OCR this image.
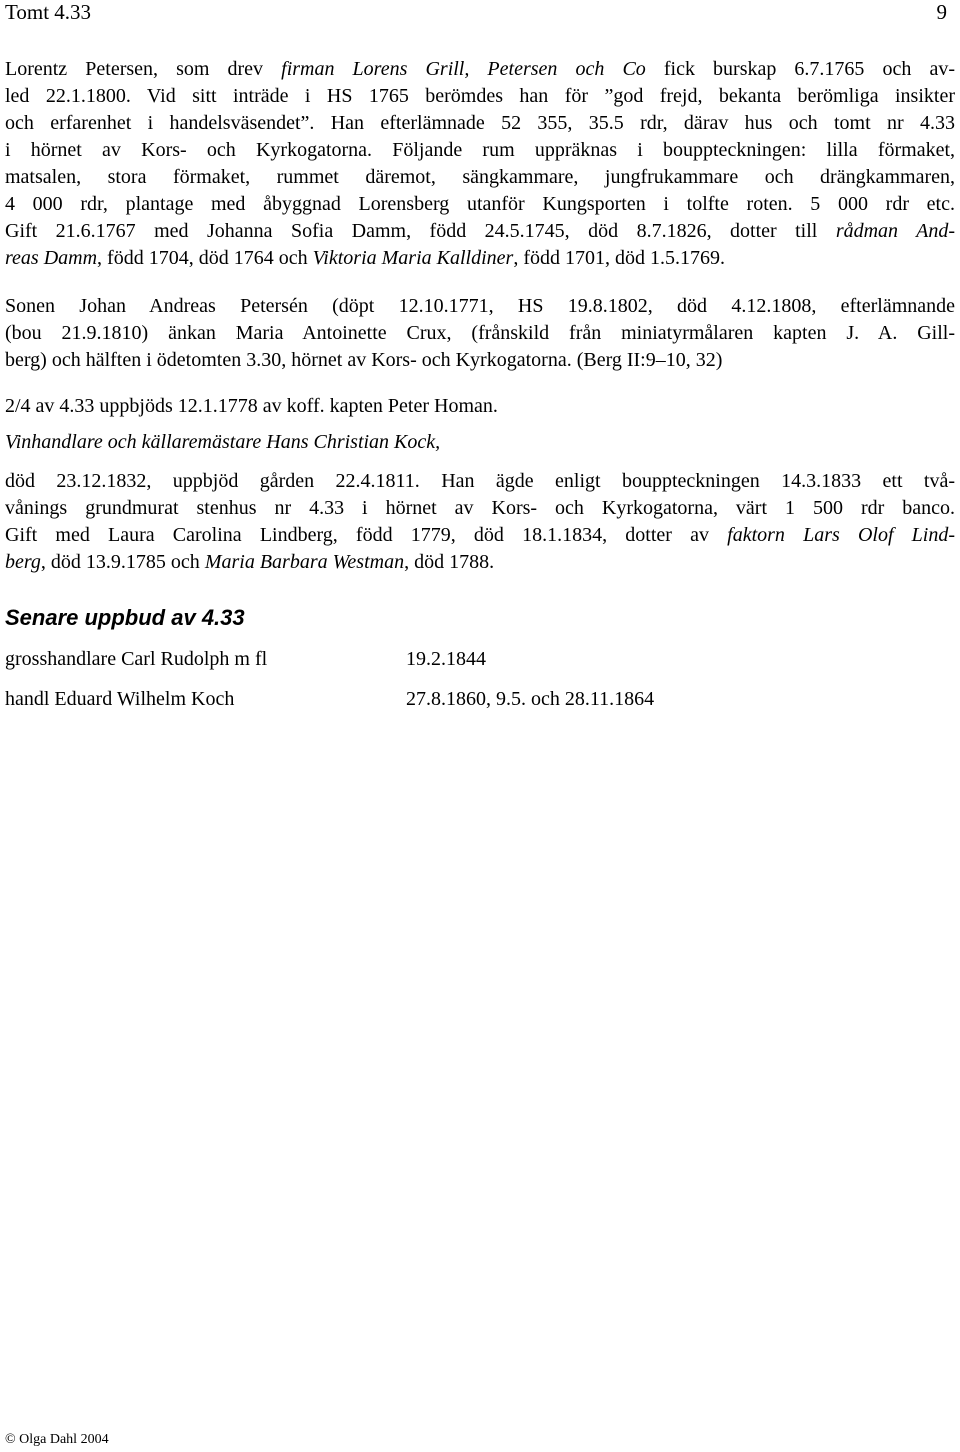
Tomt 4.33	9
Lorentz Petersen, som drev firman Lorens Grill, Petersen och Co fick burskap 6.7.1765 och av-
led 22.1.1800. Vid sitt inträde i HS 1765 berömdes han för ”god frejd, bekanta berömliga insikter
och erfarenhet i handelsväsendet”. Han efterlämnade 52 355, 35.5 rdr, därav hus och tomt nr 4.33
i hörnet av Kors- och Kyrkogatorna. Följande rum uppräknas i bouppteckningen: lilla förmaket,
matsalen, stora förmaket, rummet däremot, sängkammare, jungfrukammare och drängkammaren,
4 000 rdr, plantage med åbyggnad Lorensberg utanför Kungsporten i tolfte roten. 5 000 rdr etc.
Gift 21.6.1767 med Johanna Sofia Damm, född 24.5.1745, död 8.7.1826, dotter till rådman And-
reas Damm, född 1704, död 1764 och Viktoria Maria Kalldiner, född 1701, död 1.5.1769.
Sonen Johan Andreas Petersén (döpt 12.10.1771, HS 19.8.1802, död 4.12.1808, efterlämnande
(bou 21.9.1810) änkan Maria Antoinette Crux, (frånskild från miniatyrmålaren kapten J. A. Gill-
berg) och hälften i ödetomten 3.30, hörnet av Kors- och Kyrkogatorna. (Berg II:9–10, 32)
2/4 av 4.33 uppbjöds 12.1.1778 av koff. kapten Peter Homan.
Vinhandlare och källaremästare Hans Christian Kock,
död 23.12.1832, uppbjöd gården 22.4.1811. Han ägde enligt bouppteckningen 14.3.1833 ett två-
vånings grundmurat stenhus nr 4.33 i hörnet av Kors- och Kyrkogatorna, värt 1 500 rdr banco.
Gift med Laura Carolina Lindberg, född 1779, död 18.1.1834, dotter av faktorn Lars Olof Lind-
berg, död 13.9.1785 och Maria Barbara Westman, död 1788.
Senare uppbud av 4.33
grosshandlare Carl Rudolph m fl	19.2.1844
handl Eduard Wilhelm Koch	27.8.1860, 9.5. och 28.11.1864
© Olga Dahl 2004
